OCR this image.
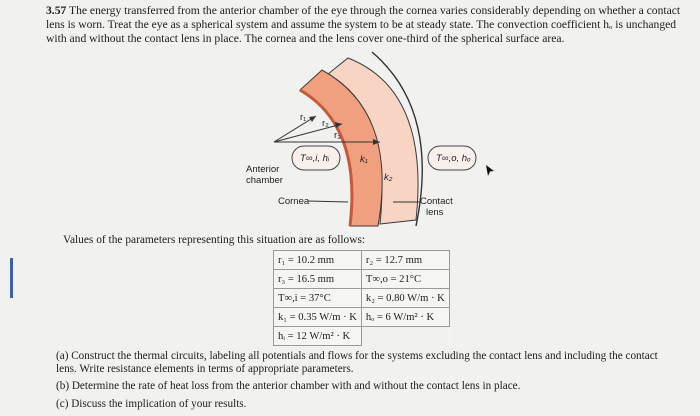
3.57 The energy transferred from the anterior chamber of the eye through the cornea varies considerably depending on whether a contact lens is worn. Treat the eye as a spherical system and assume the system to be at steady state. The convection coefficient hₒ is unchanged with and without the contact lens in place. The cornea and the lens cover one-third of the spherical surface area.
r₁
r₂
r₃
T∞,i, hᵢ	T∞,o, hₒ
k₁
k₂
Anterior
chamber
Cornea	Contact
lens
Values of the parameters representing this situation are as follows:
r₁ = 10.2 mm	r₂ = 12.7 mm
r₃ = 16.5 mm	T∞,o = 21°C
T∞,i = 37°C	k₂ = 0.80 W/m · K
k₁ = 0.35 W/m · K	hₒ = 6 W/m² · K
hᵢ = 12 W/m² · K	

(a) Construct the thermal circuits, labeling all potentials and flows for the systems excluding the contact lens and including the contact lens. Write resistance elements in terms of appropriate parameters.

(b) Determine the rate of heat loss from the anterior chamber with and without the contact lens in place.

(c) Discuss the implication of your results.
